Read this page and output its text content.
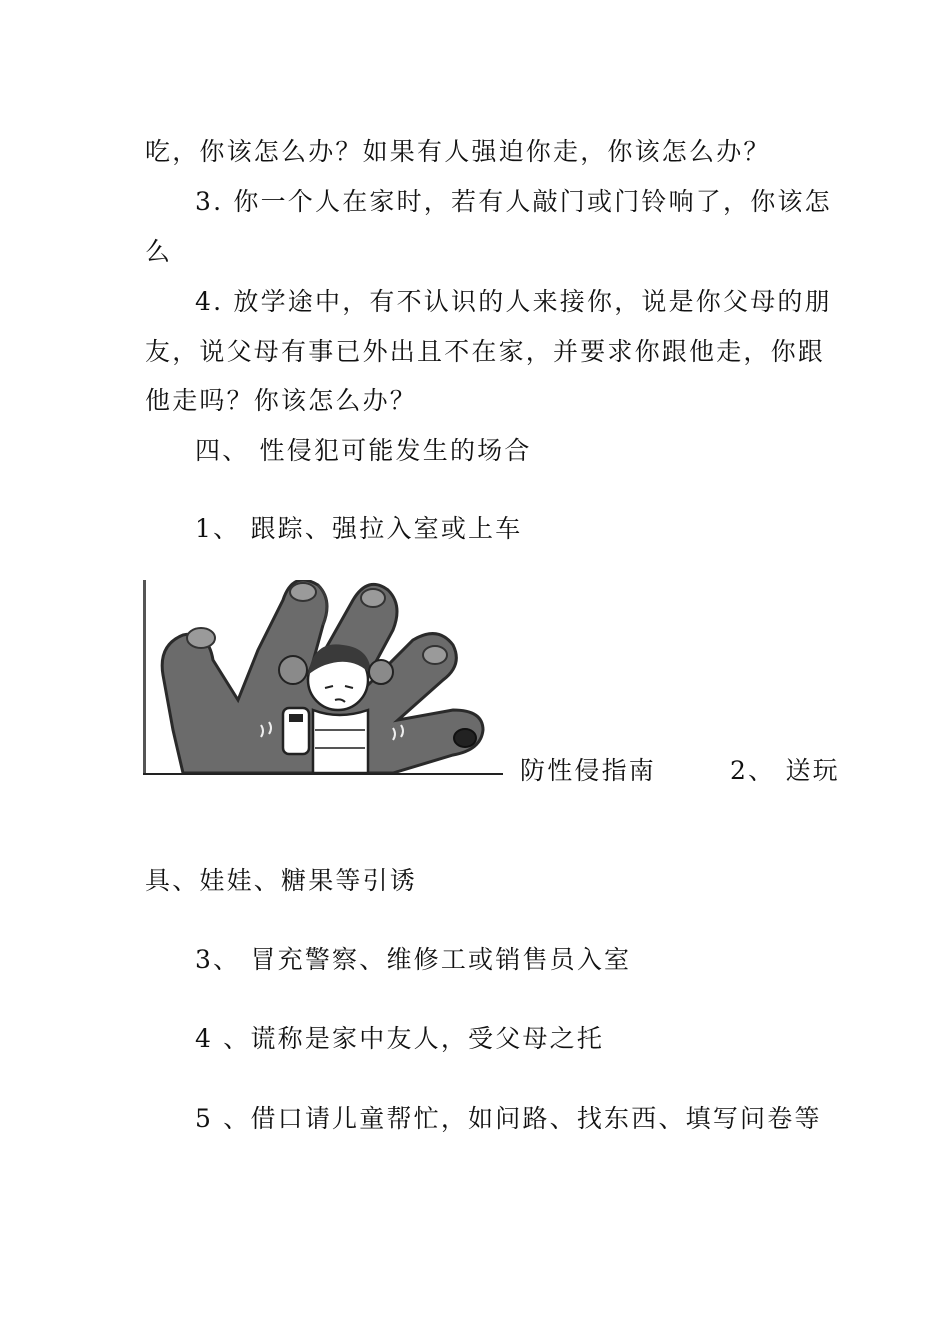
吃，你该怎么办？如果有人强迫你走，你该怎么办？
3. 你一个人在家时，若有人敲门或门铃响了，你该怎
么
4. 放学途中，有不认识的人来接你，说是你父母的朋
友，说父母有事已外出且不在家，并要求你跟他走，你跟
他走吗？你该怎么办？
四、 性侵犯可能发生的场合
1、 跟踪、强拉入室或上车
防性侵指南	2、 送玩
具、娃娃、糖果等引诱
3、 冒充警察、维修工或销售员入室
4 、谎称是家中友人，受父母之托
5 、借口请儿童帮忙，如问路、找东西、填写问卷等
